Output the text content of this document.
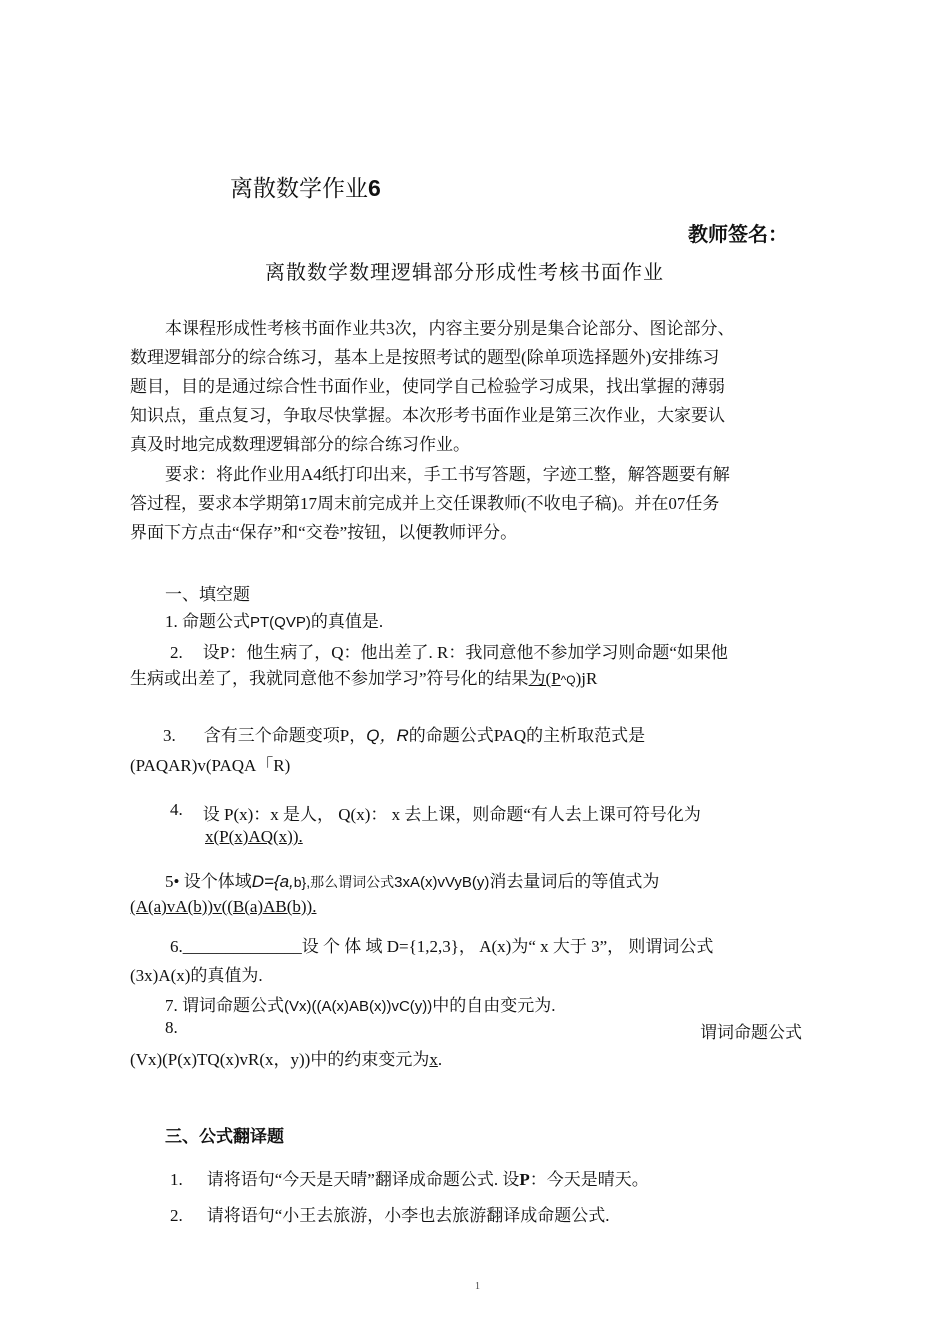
离散数学作业6
教师签名：
离散数学数理逻辑部分形成性考核书面作业
本课程形成性考核书面作业共3次，内容主要分别是集合论部分、图论部分、
数理逻辑部分的综合练习，基本上是按照考试的题型(除单项选择题外)安排练习
题目，目的是通过综合性书面作业，使同学自己检验学习成果，找出掌握的薄弱
知识点，重点复习，争取尽快掌握。本次形考书面作业是第三次作业，大家要认
真及时地完成数理逻辑部分的综合练习作业。
要求：将此作业用A4纸打印出来，手工书写答题，字迹工整，解答题要有解
答过程，要求本学期第17周末前完成并上交任课教师(不收电子稿)。并在07任务
界面下方点击“保存”和“交卷”按钮，以便教师评分。
一、填空题
1. 命题公式PT(QVP)的真值是.
2. 设P：他生病了，Q：他出差了. R：我同意他不参加学习则命题“如果他
生病或出差了，我就同意他不参加学习”符号化的结果为(P^Q)jR
3. 含有三个命题变项P，Q，R的命题公式PAQ的主析取范式是
(PAQAR)v(PAQA「R)
4.	设 P(x)：x 是人， Q(x)： x 去上课，则命题“有人去上课可符号化为
x(P(x)AQ(x)).
5• 设个体域D={a,b},那么谓词公式3xA(x)vVyB(y)消去量词后的等值式为
(A(a)vA(b))v((B(a)AB(b)).
6.______________设 个 体 域 D={1,2,3}， A(x)为“ x 大于 3”， 则谓词公式
(3x)A(x)的真值为.
7. 谓词命题公式(Vx)((A(x)AB(x))vC(y))中的自由变元为.
8.	谓词命题公式
(Vx)(P(x)TQ(x)vR(x，y))中的约束变元为x.
三、公式翻译题
1. 请将语句“今天是天晴”翻译成命题公式. 设P：今天是晴天。
2. 请将语句“小王去旅游，小李也去旅游翻译成命题公式.
1
